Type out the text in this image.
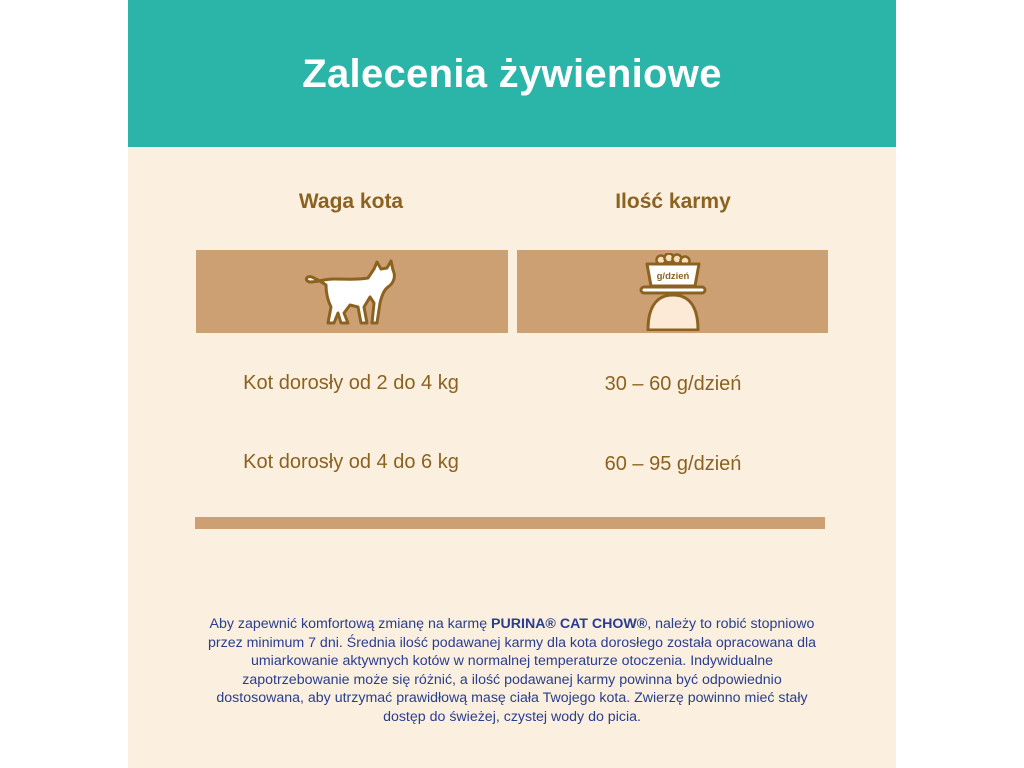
Zalecenia żywieniowe
Waga kota	Ilość karmy
g/dzień
Kot dorosły od 2 do 4 kg	30 – 60 g/dzień
Kot dorosły od 4 do 6 kg	60 – 95 g/dzień

Aby zapewnić komfortową zmianę na karmę PURINA® CAT CHOW®, należy to robić stopniowo przez minimum 7 dni. Średnia ilość podawanej karmy dla kota dorosłego została opracowana dla umiarkowanie aktywnych kotów w normalnej temperaturze otoczenia. Indywidualne zapotrzebowanie może się różnić, a ilość podawanej karmy powinna być odpowiednio dostosowana, aby utrzymać prawidłową masę ciała Twojego kota. Zwierzę powinno mieć stały dostęp do świeżej, czystej wody do picia.
